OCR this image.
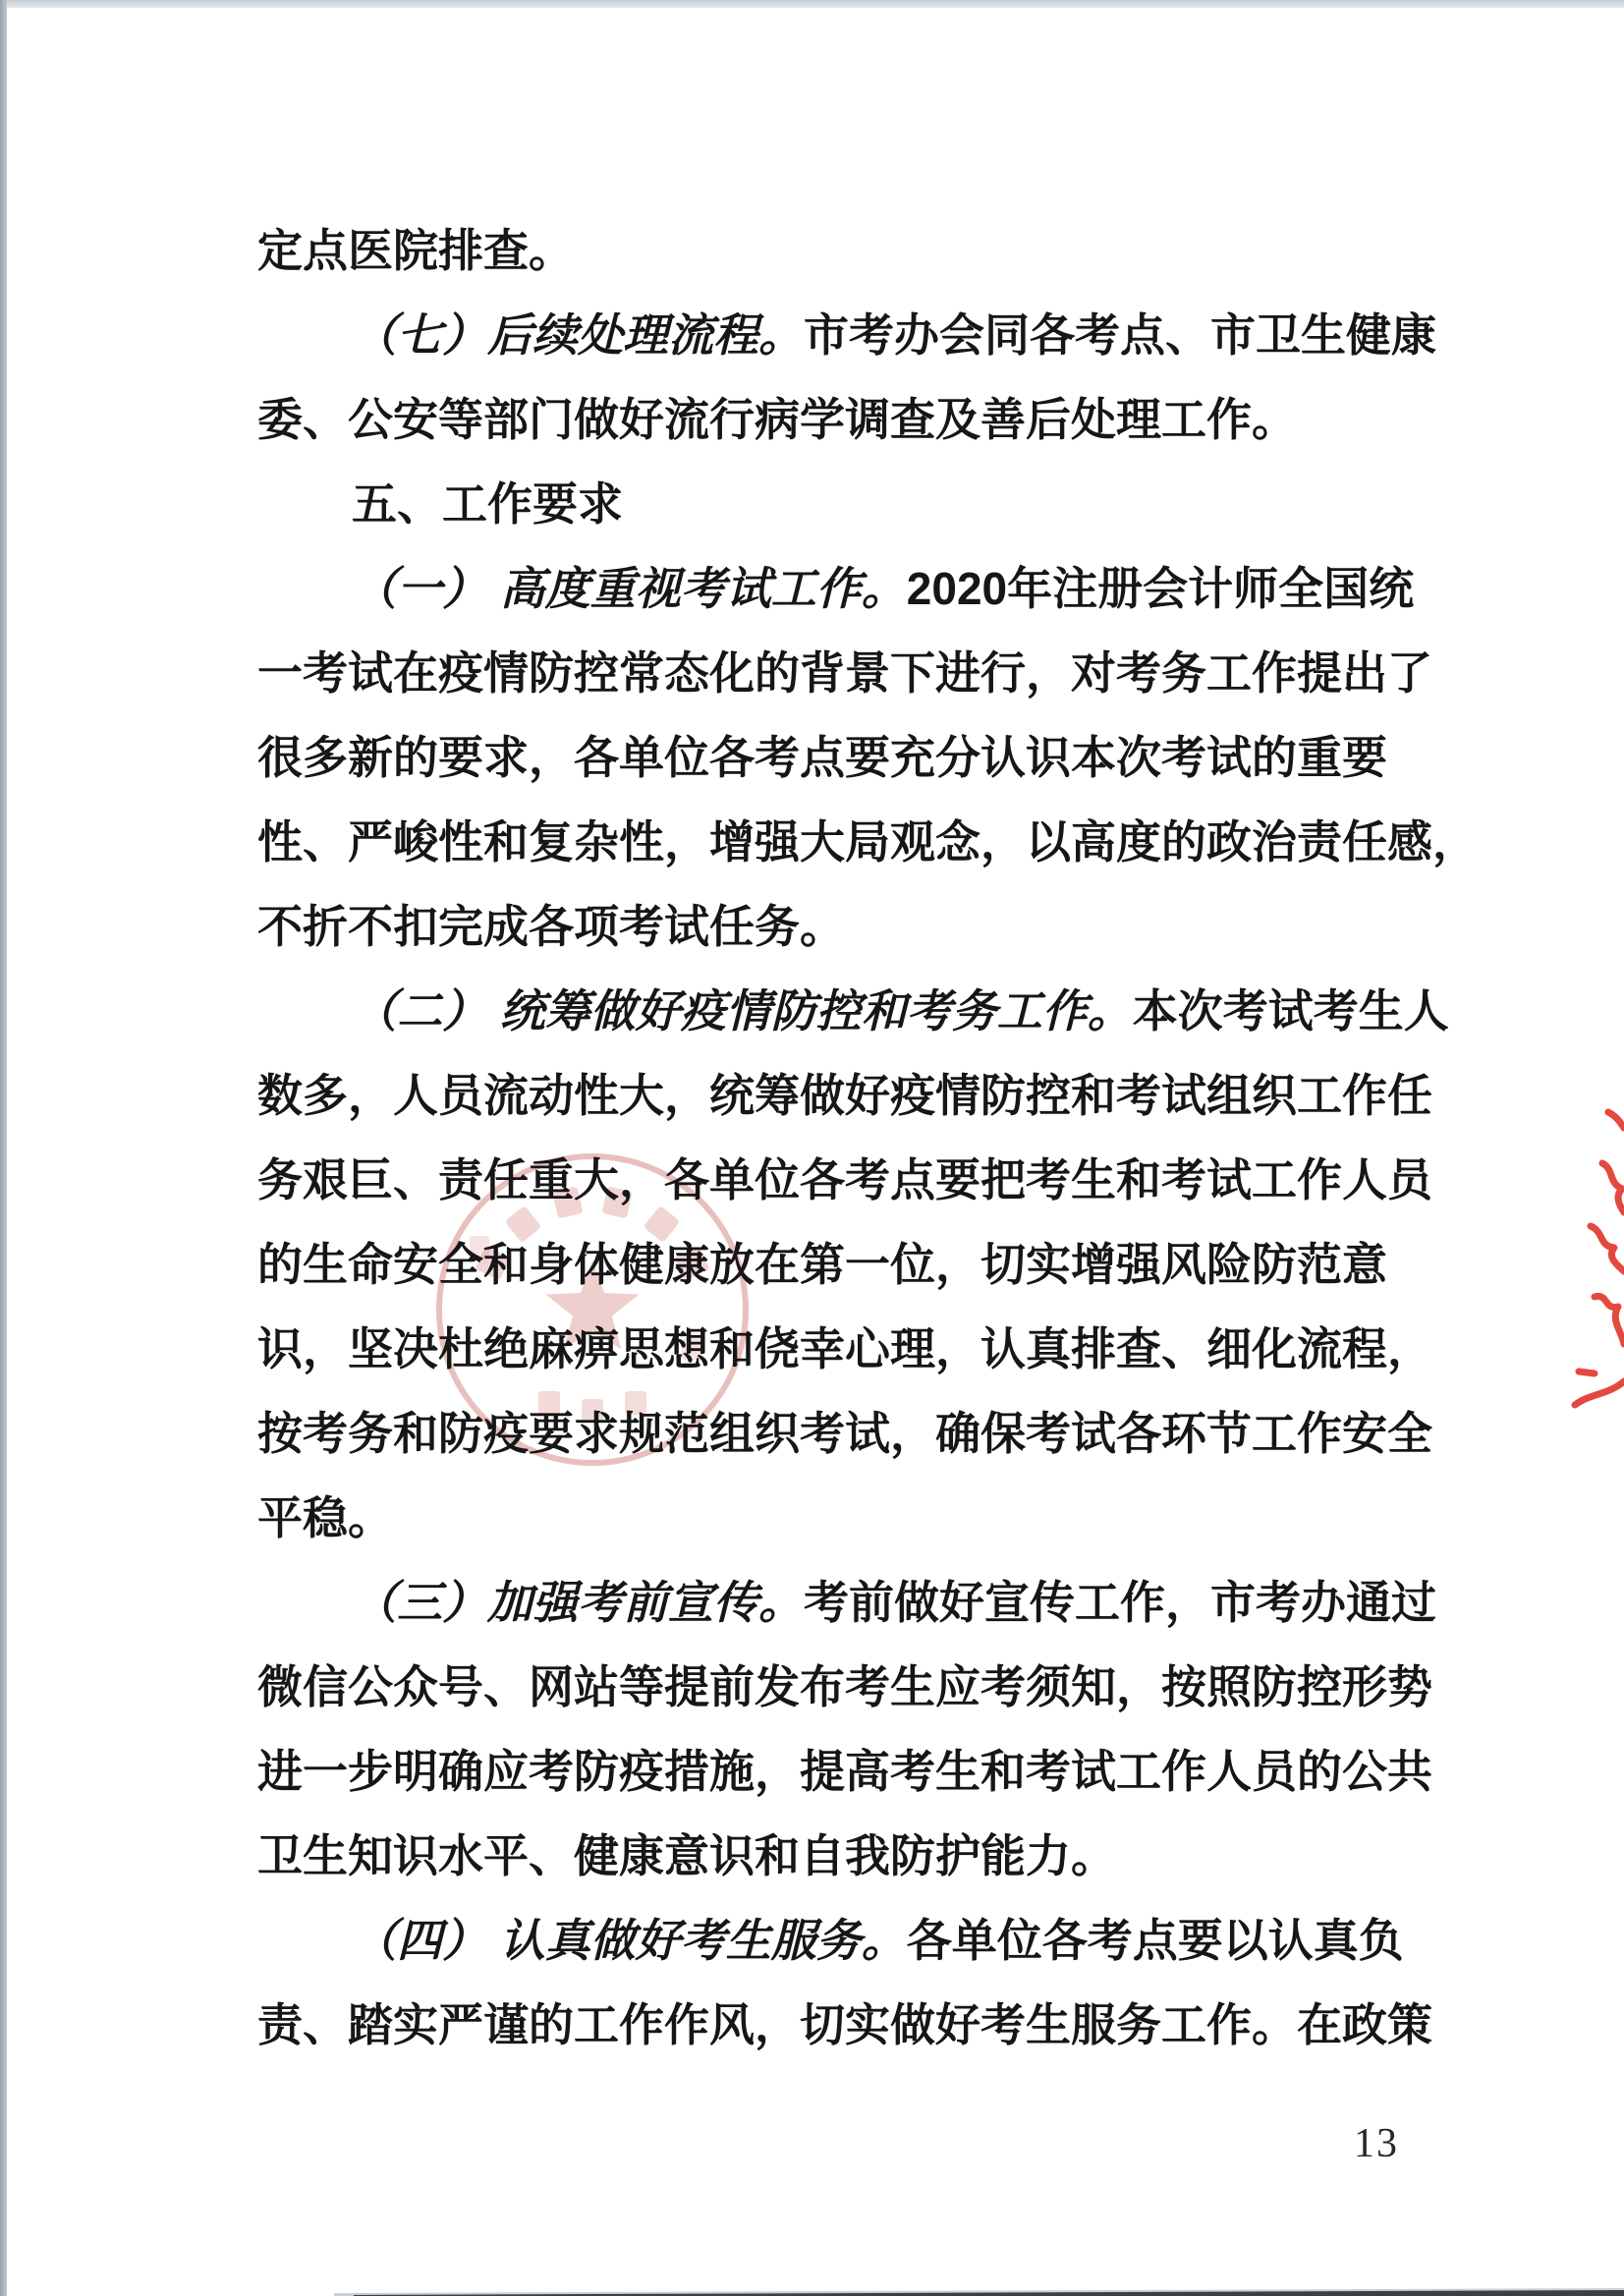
定点医院排查。
（七）后续处理流程。市考办会同各考点、市卫生健康
委、公安等部门做好流行病学调查及善后处理工作。
五、工作要求
（一） 高度重视考试工作。2020年注册会计师全国统
一考试在疫情防控常态化的背景下进行，对考务工作提出了
很多新的要求，各单位各考点要充分认识本次考试的重要
性、严峻性和复杂性，增强大局观念，以高度的政治责任感，
不折不扣完成各项考试任务。
（二） 统筹做好疫情防控和考务工作。本次考试考生人
数多，人员流动性大，统筹做好疫情防控和考试组织工作任
务艰巨、责任重大，各单位各考点要把考生和考试工作人员
的生命安全和身体健康放在第一位，切实增强风险防范意
识，坚决杜绝麻痹思想和侥幸心理，认真排查、细化流程，
按考务和防疫要求规范组织考试，确保考试各环节工作安全
平稳。
（三）加强考前宣传。考前做好宣传工作，市考办通过
微信公众号、网站等提前发布考生应考须知，按照防控形势
进一步明确应考防疫措施，提高考生和考试工作人员的公共
卫生知识水平、健康意识和自我防护能力。
（四） 认真做好考生服务。各单位各考点要以认真负
责、踏实严谨的工作作风，切实做好考生服务工作。在政策
13
